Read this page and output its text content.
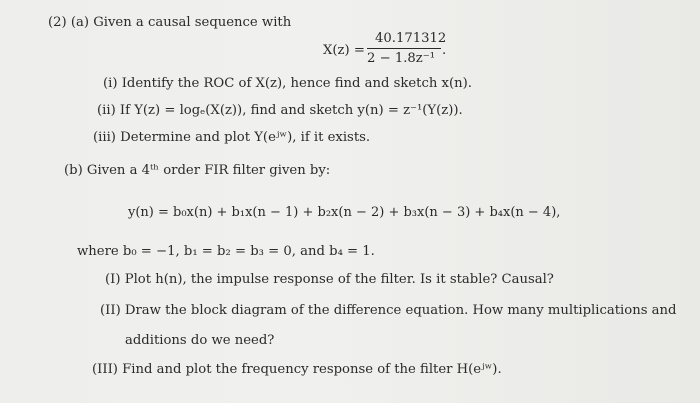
(2) (a) Given a causal sequence with
X(z) =
40.171312
2 − 1.8z⁻¹
.
(i) Identify the ROC of X(z), hence find and sketch x(n).
(ii) If Y(z) = logₑ(X(z)), find and sketch y(n) = z⁻¹(Y(z)).
(iii) Determine and plot Y(eʲʷ), if it exists.
(b) Given a 4ᵗʰ order FIR filter given by:
y(n) = b₀x(n) + b₁x(n − 1) + b₂x(n − 2) + b₃x(n − 3) + b₄x(n − 4),
where b₀ = −1, b₁ = b₂ = b₃ = 0, and b₄ = 1.
(I) Plot h(n), the impulse response of the filter. Is it stable? Causal?
(II) Draw the block diagram of the difference equation. How many multiplications and
additions do we need?
(III) Find and plot the frequency response of the filter H(eʲʷ).
